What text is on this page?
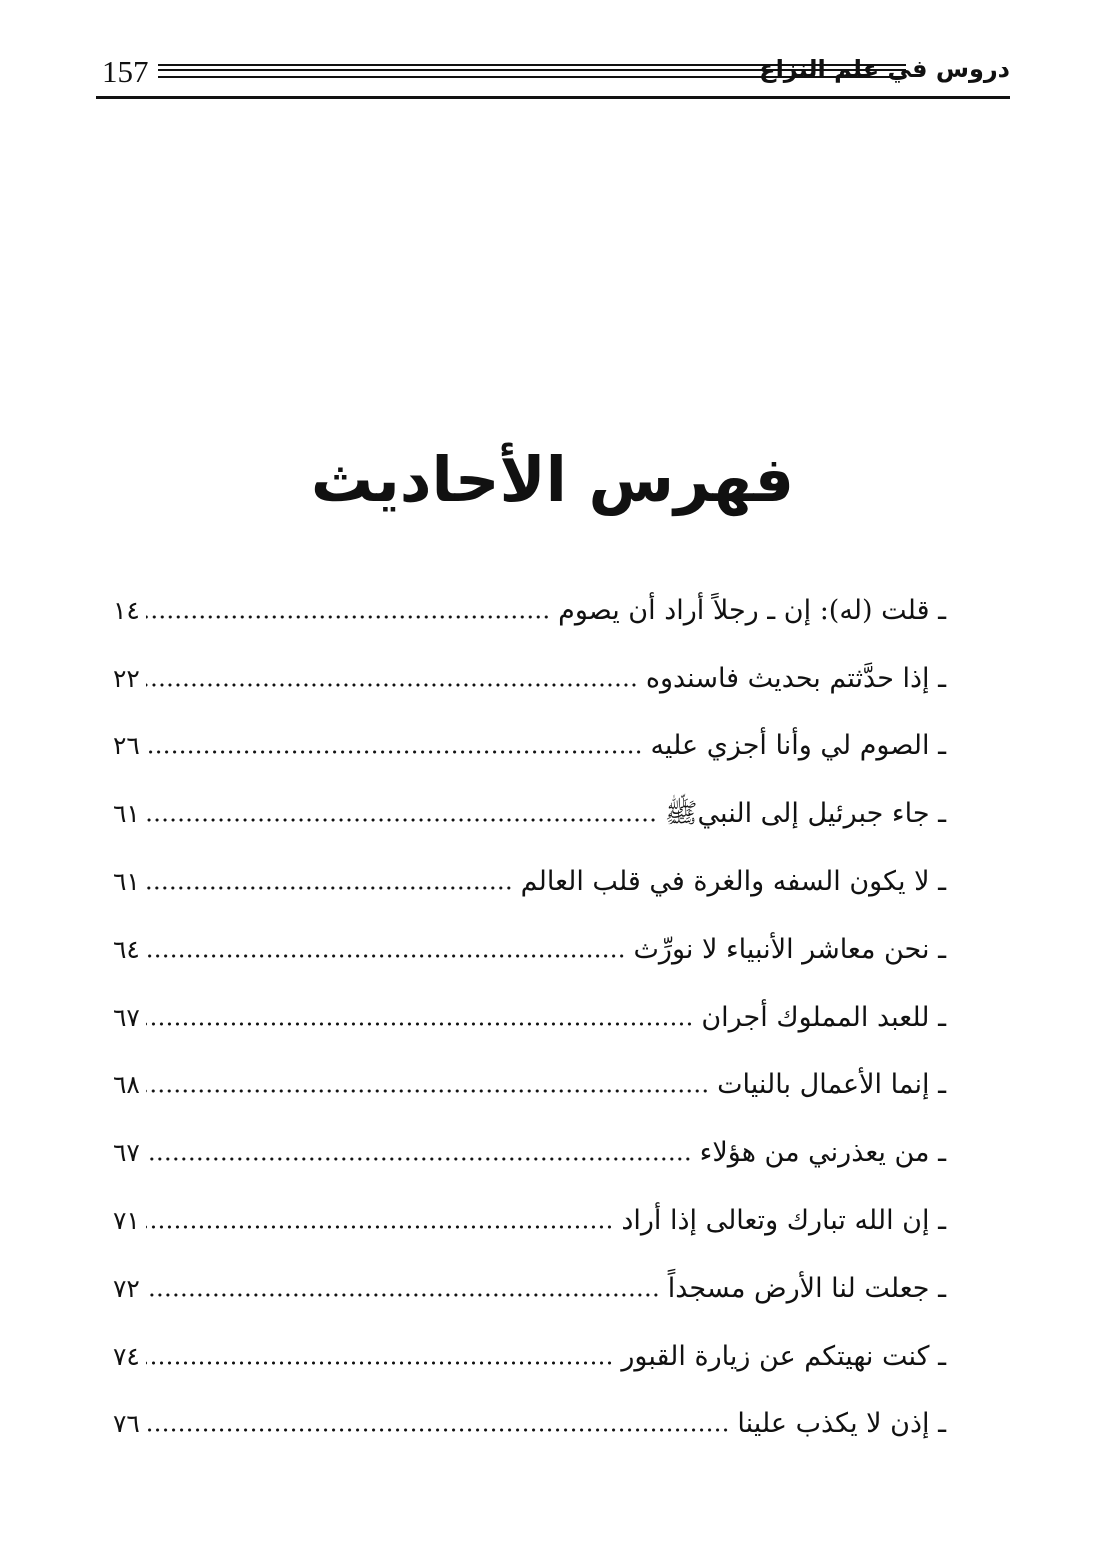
157	دروس في علم النزاع
فهرس الأحاديث
ـ قلت (له): إن ـ رجلاً أراد أن يصوم
١٤
ـ إذا حدَّثتم بحديث فاسندوه
٢٢
ـ الصوم لي وأنا أجزي عليه
٢٦
ـ جاء جبرئيل إلى النبيﷺ
٦١
ـ لا يكون السفه والغرة في قلب العالم
٦١
ـ نحن معاشر الأنبياء لا نورِّث
٦٤
ـ للعبد المملوك أجران
٦٧
ـ إنما الأعمال بالنيات
٦٨
ـ من يعذرني من هؤلاء
٦٧
ـ إن الله تبارك وتعالى إذا أراد
٧١
ـ جعلت لنا الأرض مسجداً
٧٢
ـ كنت نهيتكم عن زيارة القبور
٧٤
ـ إذن لا يكذب علينا
٧٦
